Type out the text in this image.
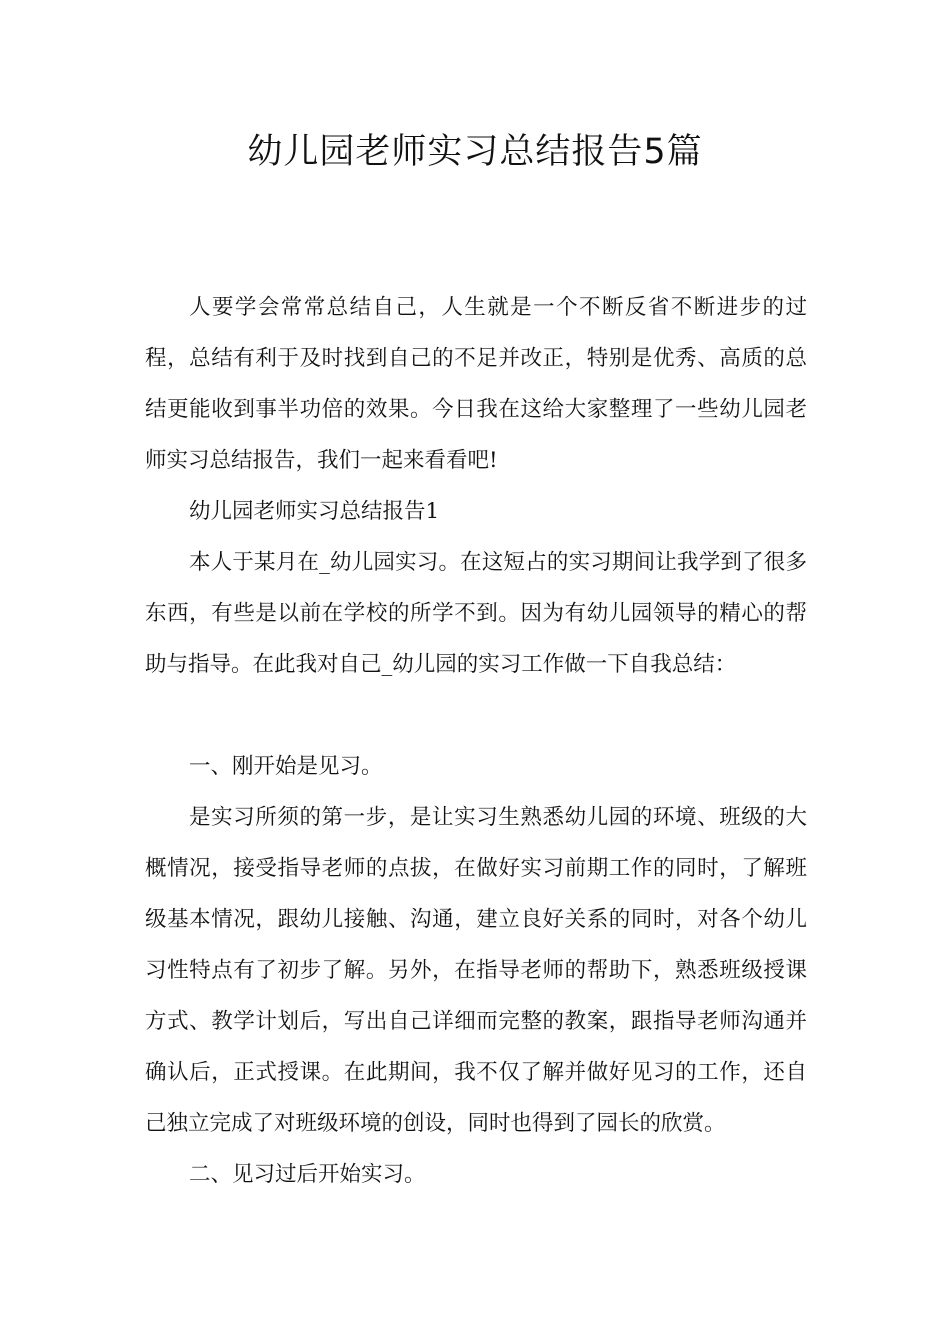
幼儿园老师实习总结报告5篇

人要学会常常总结自己，人生就是一个不断反省不断进步的过程，总结有利于及时找到自己的不足并改正，特别是优秀、高质的总结更能收到事半功倍的效果。今日我在这给大家整理了一些幼儿园老师实习总结报告，我们一起来看看吧!

幼儿园老师实习总结报告1

本人于某月在_幼儿园实习。在这短占的实习期间让我学到了很多东西，有些是以前在学校的所学不到。因为有幼儿园领导的精心的帮助与指导。在此我对自己_幼儿园的实习工作做一下自我总结：

一、刚开始是见习。

是实习所须的第一步，是让实习生熟悉幼儿园的环境、班级的大概情况，接受指导老师的点拔，在做好实习前期工作的同时，了解班级基本情况，跟幼儿接触、沟通，建立良好关系的同时，对各个幼儿习性特点有了初步了解。另外，在指导老师的帮助下，熟悉班级授课方式、教学计划后，写出自己详细而完整的教案，跟指导老师沟通并确认后，正式授课。在此期间，我不仅了解并做好见习的工作，还自己独立完成了对班级环境的创设，同时也得到了园长的欣赏。

二、见习过后开始实习。
